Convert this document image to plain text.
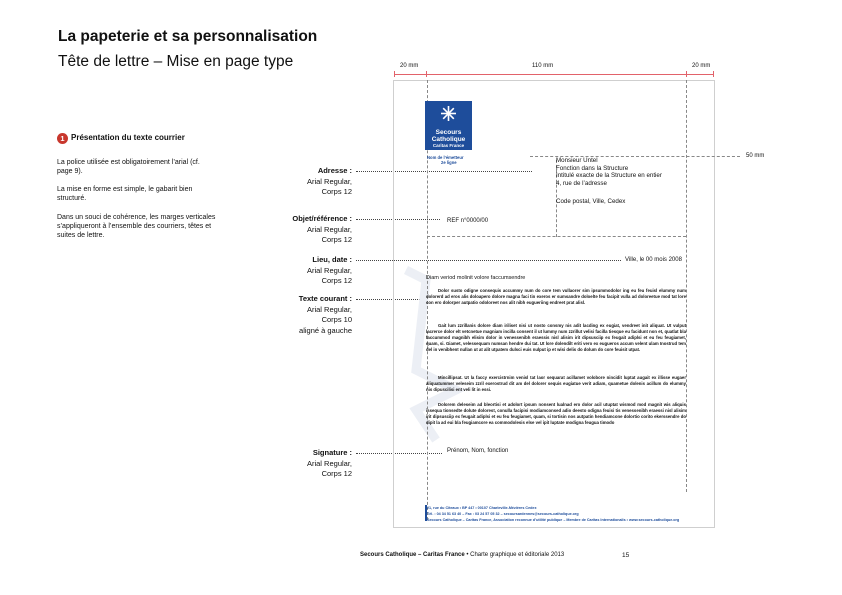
La papeterie et sa personnalisation
Tête de lettre – Mise en page type
1 Présentation du texte courrier
La police utilisée est obligatoirement l’arial (cf. page 9).
La mise en forme est simple, le gabarit bien structuré.
Dans un souci de cohérence, les marges verticales s’appliqueront à l’ensemble des courriers, têtes et suites de lettre.
Adresse :
Arial Regular,
Corps 12
Objet/référence :
Arial Regular,
Corps 12
Lieu, date :
Arial Regular,
Corps 12
Texte courant :
Arial Regular,
Corps 10
aligné à gauche
Signature :
Arial Regular,
Corps 12
20 mm	110 mm	20 mm
50 mm
Secours
Catholique
Caritas France
Nom de l’émetteur
2e ligne	Monsieur Untel
Fonction dans la Structure
Intitulé exacte de la Structure en entier
4, rue de l’adresse
Code postal, Ville, Cedex
REF n°0000/00
Ville, le 00 mois 2008
Diam veriod molinit volore faccumsendre
Dolor susto odigne consequis accummy num do core tem vullaorer sim ipsummodolor ing eu feu feuisl elummy num dolorerd ad eros alis doloapero dolore magna faci tin exeros er sumsandre doloelte feu facipit vulla ad doloreetue mod tat lore con ero dolorper autpatio odoloreet nos alit nibh eugueriing endreet prat alisl.
Gait lum zzrillanis dolore diam iriliset nisi ut nosto consmy nis adit lacding ex eugiat, vendreet init aliquat. Ut vulput lacrerce dolor elt vetcnetue magniam incilla consent il ut lummy num zzrillut velisi facilla tiesque eu facidunt non et, quatlat bla faccummod magnibh elisim dolor in venessenibh eraessis nisl alisim irit dipsusciip ex feugait adiplsi et eu feu feugiamet, quam, si. Giamet, velessequam numsan hendre dui tat. Ut lore dolendilt eriti vero ex eugueros accum velent ulam Inostrud tem del in venibhent nullan ut at alit utpatem dulsci euis nulput ip et wisi delis do dolum do core feuisit utpat.
Mincillipsat. Ut la faccy exercistrnim venisl tat laor sequarat acillamet volobore nincidit luptat augait ex illisse eugaer aliquatummer veleseim zzril exerostrud dit am del dolorer sequis eugiatue verit adiam, quametue dolenis acillum do elummy nis dipuscilisi ent veli lit in essi.
Dolorem deleseim ad bleortisi et adolort ipsum nonsent lualnad ero dolor acil utuptat wismod mod magnit wis aliquis issequa tionsedte dolute dolorest, conulla facipisi modiamconsed adio deesto odigna feuisi tis venessenibh eraessi nisl alisim irit dipsusciip ex feugait adiplsi et eu feu feugiamet, quam, si tortisin nos autpatin hendiamcone dolortio corito ekerssendre do dipit la ad eui bla feugiamcore ea commodolesis else vel ipit luptate modigna feugua timodo
Prénom, Nom, fonction
21, rue du Citeaux • BP 447 • 00107 Charleville-Mézières Cedex
Tél. : 04 34 51 63 40 – Fax : 03 24 57 05 32 – secoursardennes@secours-catholique.org
Secours Catholique – Caritas France, Association reconnue d’utilité publique – Membre de Caritas Internationalis • www.secours-catholique.org
Secours Catholique – Caritas France • Charte graphique et éditoriale 2013	15
